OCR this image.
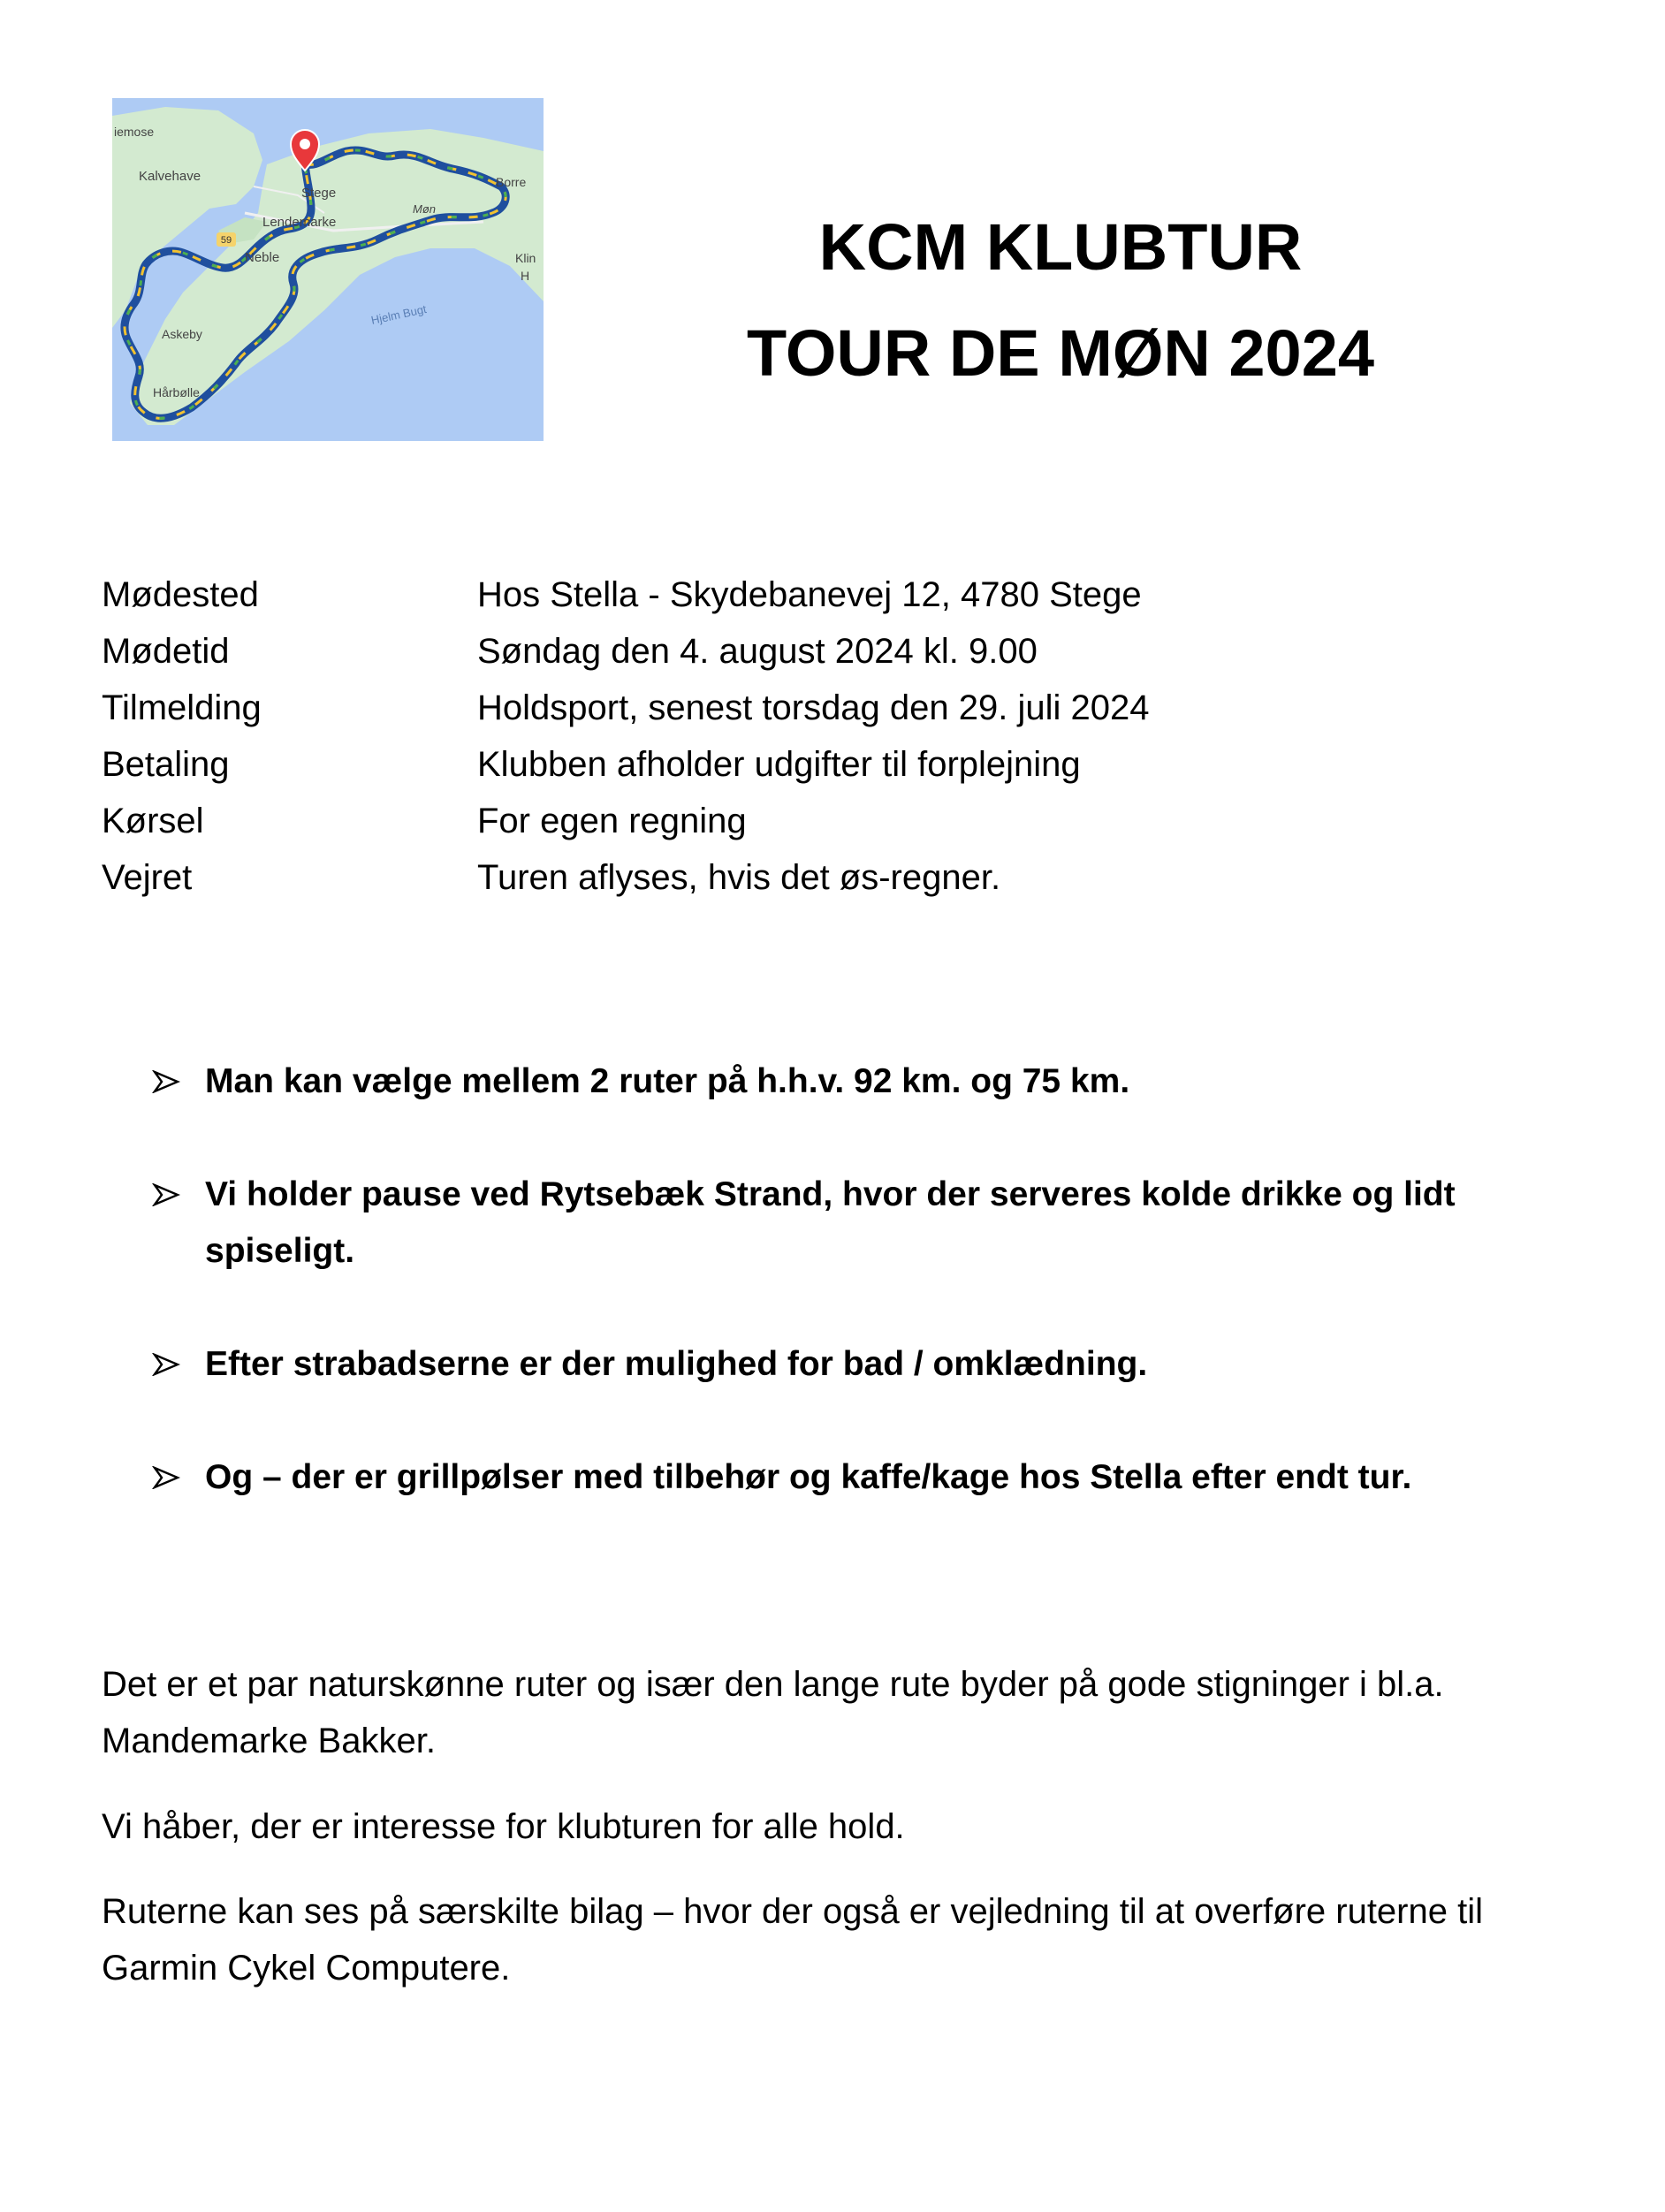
59
iemose
Kalvehave
Stege
Borre
Lendemarke
Møn
Neble	Klin
H
Hjelm Bugt
Askeby
Hårbølle
KCM KLUBTUR
TOUR DE MØN 2024
Mødested	Hos Stella - Skydebanevej 12, 4780 Stege
Mødetid	Søndag den 4. august 2024 kl. 9.00
Tilmelding	Holdsport, senest torsdag den 29. juli 2024
Betaling	Klubben afholder udgifter til forplejning
Kørsel	For egen regning
Vejret	Turen aflyses, hvis det øs-regner.
Man kan vælge mellem 2 ruter på h.h.v. 92 km. og 75 km.
Vi holder pause ved Rytsebæk Strand, hvor der serveres kolde drikke og lidt spiseligt.
Efter strabadserne er der mulighed for bad / omklædning.
Og – der er grillpølser med tilbehør og kaffe/kage hos Stella efter endt tur.

Det er et par naturskønne ruter og især den lange rute byder på gode stigninger i bl.a. Mandemarke Bakker.

Vi håber, der er interesse for klubturen for alle hold.

Ruterne kan ses på særskilte bilag – hvor der også er vejledning til at overføre ruterne til Garmin Cykel Computere.
